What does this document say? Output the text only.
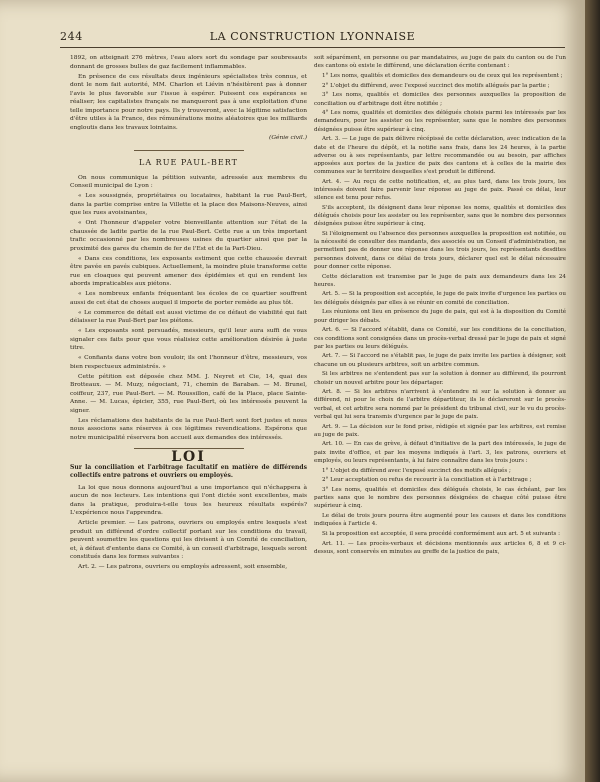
244	LA CONSTRUCTION LYONNAISE

1892, on atteignait 276 mètres, l'eau alors sort du sondage par soubresauts donnant de grosses bulles de gaz facilement inflammables.

En présence de ces résultats deux ingénieurs spécialistes très connus, et dont le nom fait autorité, MM. Charlon et Liévin n'hésitèrent pas à donner l'avis le plus favorable sur l'issue à espérer. Puissent ces espérances se réaliser; les capitalistes français ne manqueront pas à une exploitation d'une telle importance pour notre pays. Ils y trouveront, avec la légitime satisfaction d'être utiles à la France, des rémunérations moins aléatoires que les milliards engloutis dans les travaux lointains.

(Génie civil.)
LA RUE PAUL-BERT

On nous communique la pétition suivante, adressée aux membres du Conseil municipal de Lyon :

« Les soussignés, propriétaires ou locataires, habitant la rue Paul-Bert, dans la partie comprise entre la Villette et la place des Maisons-Neuves, ainsi que les rues avoisinantes,

« Ont l'honneur d'appeler votre bienveillante attention sur l'état de la chaussée de ladite partie de la rue Paul-Bert. Cette rue a un très important trafic occasionné par les nombreuses usines du quartier ainsi que par la proximité des gares du chemin de fer de l'Est et de la Part-Dieu.

« Dans ces conditions, les exposants estiment que cette chaussée devrait être pavée en pavés cubiques. Actuellement, la moindre pluie transforme cette rue en cloaques qui peuvent amener des épidémies et qui en rendent les abords impraticables aux piétons.

« Les nombreux enfants fréquentant les écoles de ce quartier souffrent aussi de cet état de choses auquel il importe de porter remède au plus tôt.

« Le commerce de détail est aussi victime de ce défaut de viabilité qui fait délaisser la rue Paul-Bert par les piétons.

« Les exposants sont persuadés, messieurs, qu'il leur aura suffi de vous signaler ces faits pour que vous réalisiez cette amélioration désirée à juste titre.

« Confiants dans votre bon vouloir, ils ont l'honneur d'être, messieurs, vos bien respectueux administrés. »

Cette pétition est déposée chez MM. J. Neyret et Cie, 14, quai des Brotteaux. — M. Muzy, négociant, 71, chemin de Baraban. — M. Brunel, coiffeur, 237, rue Paul-Bert. — M. Roussillon, café de la Place, place Sainte-Anne. — M. Lucas, épicier, 355, rue Paul-Bert, où les intéressés peuvent la signer.

Les réclamations des habitants de la rue Paul-Bert sont fort justes et nous nous associons sans réserves à ces légitimes revendications. Espérons que notre municipalité réservera bon accueil aux demandes des intéressés.

LOI
Sur la conciliation et l'arbitrage facultatif en matière de différends collectifs entre patrons et ouvriers ou employés.

La loi que nous donnons aujourd'hui a une importance qui n'échappera à aucun de nos lecteurs. Les intentions qui l'ont dictée sont excellentes, mais dans la pratique, produira-t-elle tous les heureux résultats espérés? L'expérience nous l'apprendra.

Article premier. — Les patrons, ouvriers ou employés entre lesquels s'est produit un différend d'ordre collectif portant sur les conditions du travail, peuvent soumettre les questions qui les divisent à un Comité de conciliation, et, à défaut d'entente dans ce Comité, à un conseil d'arbitrage, lesquels seront constitués dans les formes suivantes :

Art. 2. — Les patrons, ouvriers ou employés adressent, soit ensemble,

soit séparément, en personne ou par mandataires, au juge de paix du canton ou de l'un des cantons où existe le différend, une déclaration écrite contenant :

1° Les noms, qualités et domiciles des demandeurs ou de ceux qui les représentent ;

2° L'objet du différend, avec l'exposé succinct des motifs allégués par la partie ;

3° Les noms, qualités et domiciles des personnes auxquelles la proposition de conciliation ou d'arbitrage doit être notifiée ;

4° Les noms, qualités et domiciles des délégués choisis parmi les intéressés par les demandeurs, pour les assister ou les représenter, sans que le nombre des personnes désignées puisse être supérieur à cinq.

Art. 3. — Le juge de paix délivre récépissé de cette déclaration, avec indication de la date et de l'heure du dépôt, et la notifie sans frais, dans les 24 heures, à la partie adverse ou à ses représentants, par lettre recommandée ou au besoin, par affiches apposées aux portes de la justice de paix des cantons et à celles de la mairie des communes sur le territoire desquelles s'est produit le différend.

Art. 4. — Au reçu de cette notification, et, au plus tard, dans les trois jours, les intéressés doivent faire parvenir leur réponse au juge de paix. Passé ce délai, leur silence est tenu pour refus.

S'ils acceptent, ils désignent dans leur réponse les noms, qualités et domiciles des délégués choisis pour les assister ou les représenter, sans que le nombre des personnes désignées puisse être supérieur à cinq.

Si l'éloignement ou l'absence des personnes auxquelles la proposition est notifiée, ou la nécessité de consulter des mandants, des associés ou un Conseil d'administration, ne permettent pas de donner une réponse dans les trois jours, les représentants desdites personnes doivent, dans ce délai de trois jours, déclarer quel est le délai nécessaire pour donner cette réponse.

Cette déclaration est transmise par le juge de paix aux demandeurs dans les 24 heures.

Art. 5. — Si la proposition est acceptée, le juge de paix invite d'urgence les parties ou les délégués désignés par elles à se réunir en comité de conciliation.

Les réunions ont lieu en présence du juge de paix, qui est à la disposition du Comité pour diriger les débats.

Art. 6. — Si l'accord s'établit, dans ce Comité, sur les conditions de la conciliation, ces conditions sont consignées dans un procès-verbal dressé par le juge de paix et signé par les parties ou leurs délégués.

Art. 7. — Si l'accord ne s'établit pas, le juge de paix invite les parties à désigner, soit chacune un ou plusieurs arbitres, soit un arbitre commun.

Si les arbitres ne s'entendent pas sur la solution à donner au différend, ils pourront choisir un nouvel arbitre pour les départager.

Art. 8. — Si les arbitres n'arrivent à s'entendre ni sur la solution à donner au différend, ni pour le choix de l'arbitre départiteur, ils le déclareront sur le procès-verbal, et cet arbitre sera nommé par le président du tribunal civil, sur le vu du procès-verbal qui lui sera transmis d'urgence par le juge de paix.

Art. 9. — La décision sur le fond prise, rédigée et signée par les arbitres, est remise au juge de paix.

Art. 10. — En cas de grève, à défaut d'initiative de la part des intéressés, le juge de paix invite d'office, et par les moyens indiqués à l'art. 3, les patrons, ouvriers et employés, ou leurs représentants, à lui faire connaître dans les trois jours :

1° L'objet du différend avec l'exposé succinct des motifs allégués ;

2° Leur acceptation ou refus de recourir à la conciliation et à l'arbitrage ;

3° Les noms, qualités et domiciles des délégués choisis, le cas échéant, par les parties sans que le nombre des personnes désignées de chaque côté puisse être supérieur à cinq.

Le délai de trois jours pourra être augmenté pour les causes et dans les conditions indiquées à l'article 4.

Si la proposition est acceptée, il sera procédé conformément aux art. 5 et suivants :

Art. 11. — Les procès-verbaux et décisions mentionnés aux articles 6, 8 et 9 ci-dessus, sont conservés en minutes au greffe de la justice de paix,
